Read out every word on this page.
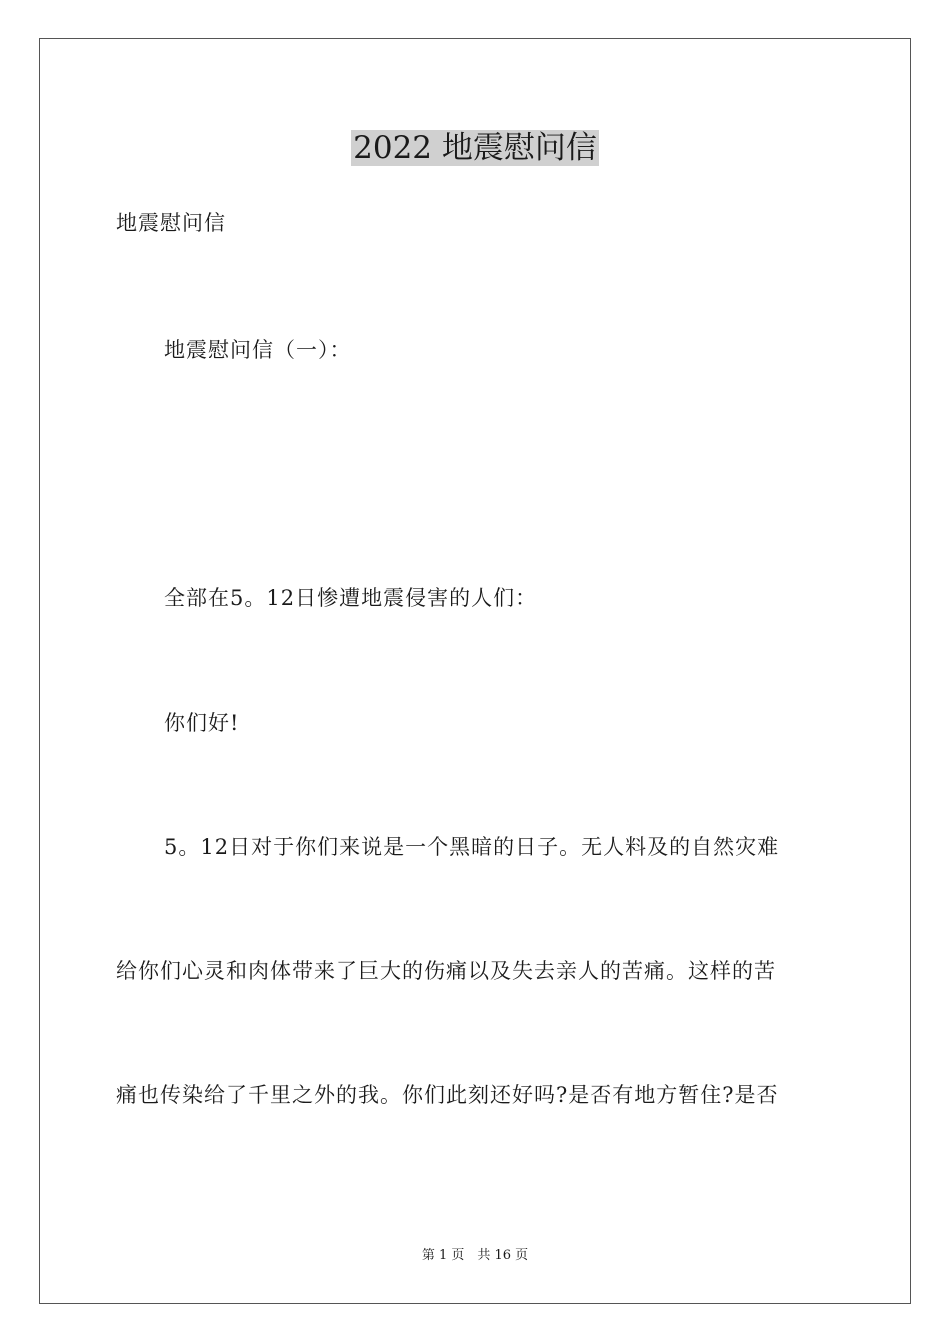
2022 地震慰问信
地震慰问信
地震慰问信（一）：
全部在5。12日惨遭地震侵害的人们：
你们好!
5。12日对于你们来说是一个黑暗的日子。无人料及的自然灾难
给你们心灵和肉体带来了巨大的伤痛以及失去亲人的苦痛。这样的苦
痛也传染给了千里之外的我。你们此刻还好吗?是否有地方暂住?是否
第 1 页　共 16 页
